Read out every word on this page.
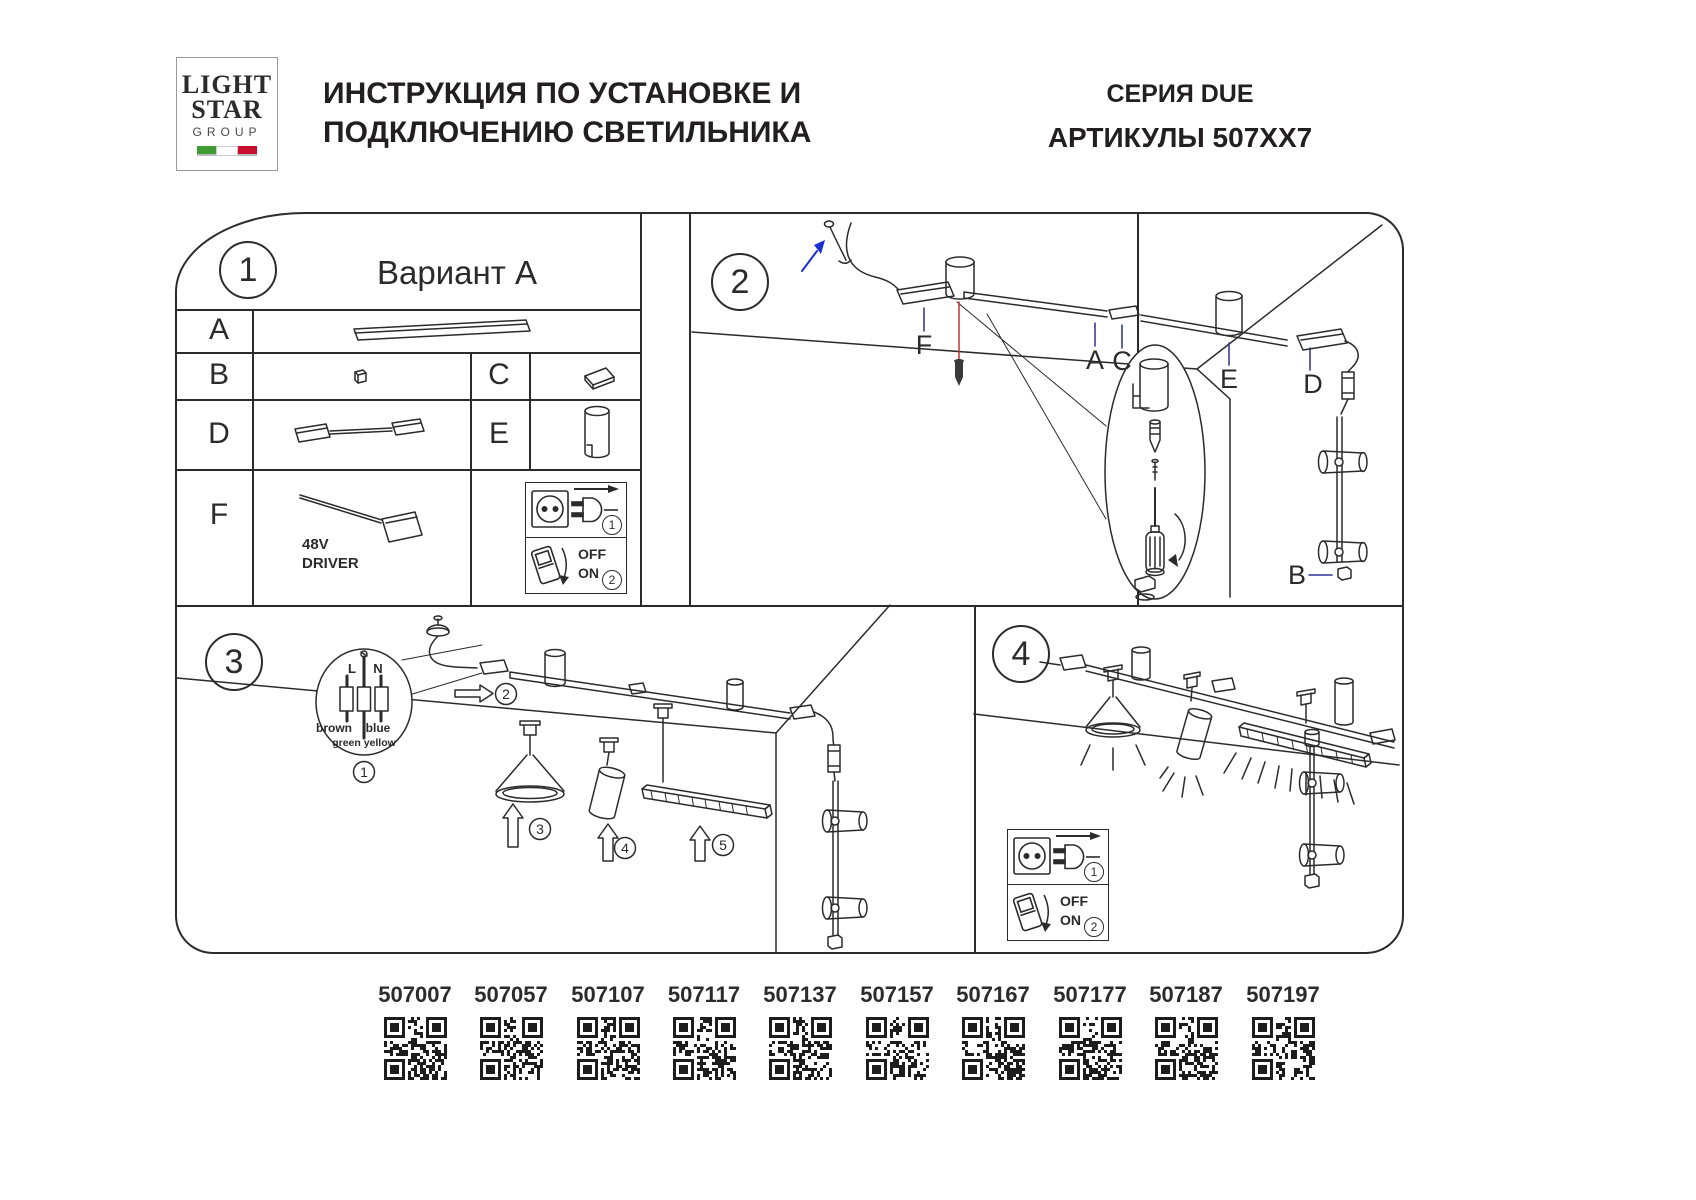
LIGHT
STAR
GROUP
ИНСТРУКЦИЯ ПО УСТАНОВКЕ И
ПОДКЛЮЧЕНИЮ СВЕТИЛЬНИКА
СЕРИЯ DUE
АРТИКУЛЫ 507XX7
1	2
3	4
Вариант А
A
B
D
F
C
E
48V
DRIVER
F	A C
E D
B
L N
brown blue
green yellow
1
2
3
4	5
1
OFF
ON 2
1
OFF
ON 2
507007	507057	507107	507117	507137	507157	507167	507177	507187	507197
